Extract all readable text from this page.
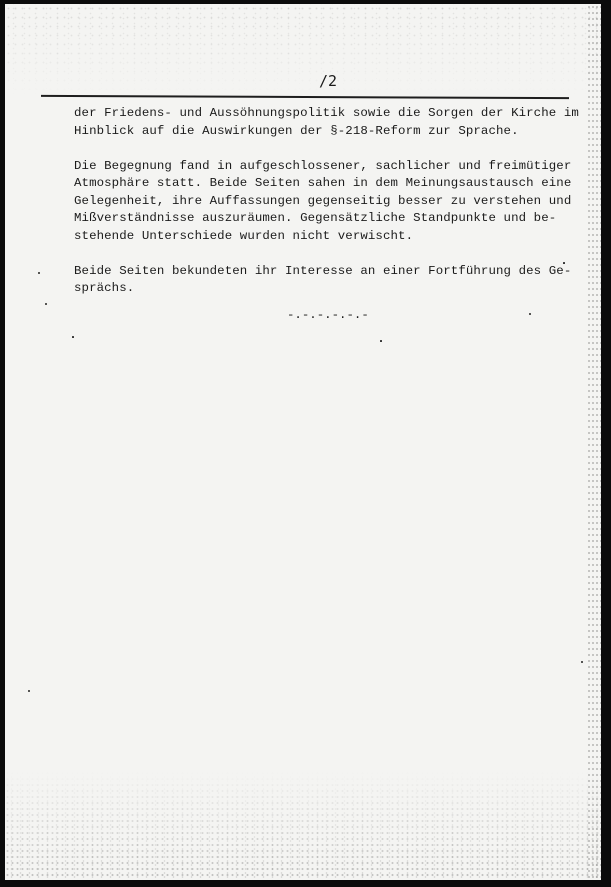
/2

der Friedens- und Aussöhnungspolitik sowie die Sorgen der Kirche im
Hinblick auf die Auswirkungen der §-218-Reform zur Sprache.

Die Begegnung fand in aufgeschlossener, sachlicher und freimütiger
Atmosphäre statt. Beide Seiten sahen in dem Meinungsaustausch eine
Gelegenheit, ihre Auffassungen gegenseitig besser zu verstehen und
Mißverständnisse auszuräumen. Gegensätzliche Standpunkte und be-
stehende Unterschiede wurden nicht verwischt.

Beide Seiten bekundeten ihr Interesse an einer Fortführung des Ge-
sprächs.

-.-.-.-.-.-
